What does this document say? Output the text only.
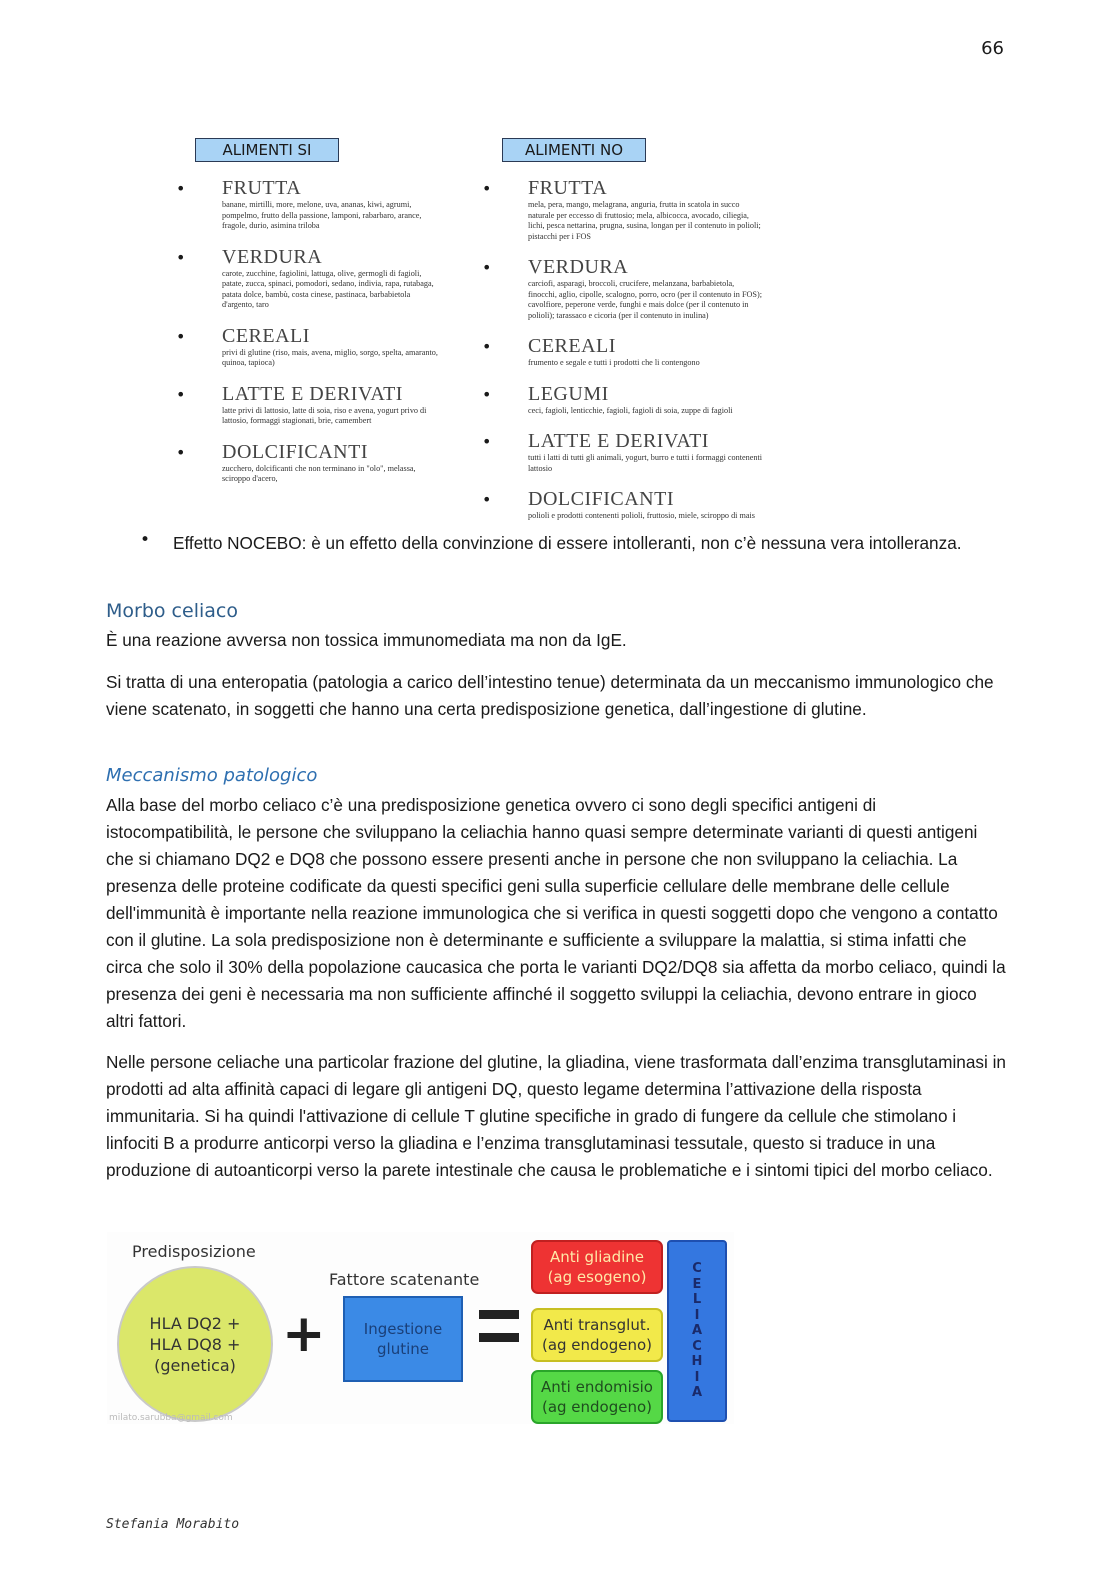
66
ALIMENTI SI	ALIMENTI NO
• FRUTTA
banane, mirtilli, more, melone, uva, ananas, kiwi, agrumi, pompelmo, frutto della passione, lamponi, rabarbaro, arance, fragole, durio, asimina triloba
• VERDURA
carote, zucchine, fagiolini, lattuga, olive, germogli di fagioli, patate, zucca, spinaci, pomodori, sedano, indivia, rapa, rutabaga, patata dolce, bambù, costa cinese, pastinaca, barbabietola d'argento, taro
• CEREALI
privi di glutine (riso, mais, avena, miglio, sorgo, spelta, amaranto, quinoa, tapioca)
• LATTE E DERIVATI
latte privi di lattosio, latte di soia, riso e avena, yogurt privo di lattosio, formaggi stagionati, brie, camembert
• DOLCIFICANTI
zucchero, dolcificanti che non terminano in "olo", melassa, sciroppo d'acero,
• FRUTTA
mela, pera, mango, melagrana, anguria, frutta in scatola in succo naturale per eccesso di fruttosio; mela, albicocca, avocado, ciliegia, lichi, pesca nettarina, prugna, susina, longan per il contenuto in polioli; pistacchi per i FOS
• VERDURA
carciofi, asparagi, broccoli, crucifere, melanzana, barbabietola, finocchi, aglio, cipolle, scalogno, porro, ocro (per il contenuto in FOS); cavolfiore, peperone verde, funghi e mais dolce (per il contenuto in polioli); tarassaco e cicoria (per il contenuto in inulina)
• CEREALI
frumento e segale e tutti i prodotti che li contengono
• LEGUMI
ceci, fagioli, lenticchie, fagioli, fagioli di soia, zuppe di fagioli
• LATTE E DERIVATI
tutti i latti di tutti gli animali, yogurt, burro e tutti i formaggi contenenti lattosio
• DOLCIFICANTI
polioli e prodotti contenenti polioli, fruttosio, miele, sciroppo di mais
• Effetto NOCEBO: è un effetto della convinzione di essere intolleranti, non c’è nessuna vera intolleranza.
Morbo celiaco
È una reazione avversa non tossica immunomediata ma non da IgE.
Si tratta di una enteropatia (patologia a carico dell’intestino tenue) determinata da un meccanismo immunologico che viene scatenato, in soggetti che hanno una certa predisposizione genetica, dall’ingestione di glutine.
Meccanismo patologico
Alla base del morbo celiaco c’è una predisposizione genetica ovvero ci sono degli specifici antigeni di istocompatibilità, le persone che sviluppano la celiachia hanno quasi sempre determinate varianti di questi antigeni che si chiamano DQ2 e DQ8 che possono essere presenti anche in persone che non sviluppano la celiachia. La presenza delle proteine codificate da questi specifici geni sulla superficie cellulare delle membrane delle cellule dell'immunità è importante nella reazione immunologica che si verifica in questi soggetti dopo che vengono a contatto con il glutine. La sola predisposizione non è determinante e sufficiente a sviluppare la malattia, si stima infatti che circa che solo il 30% della popolazione caucasica che porta le varianti DQ2/DQ8 sia affetta da morbo celiaco, quindi la presenza dei geni è necessaria ma non sufficiente affinché il soggetto sviluppi la celiachia, devono entrare in gioco altri fattori.
Nelle persone celiache una particolar frazione del glutine, la gliadina, viene trasformata dall’enzima transglutaminasi in prodotti ad alta affinità capaci di legare gli antigeni DQ, questo legame determina l’attivazione della risposta immunitaria. Si ha quindi l'attivazione di cellule T glutine specifiche in grado di fungere da cellule che stimolano i linfociti B a produrre anticorpi verso la gliadina e l’enzima transglutaminasi tessutale, questo si traduce in una produzione di autoanticorpi verso la parete intestinale che causa le problematiche e i sintomi tipici del morbo celiaco.
Predisposizione
HLA DQ2 +
HLA DQ8 +
(genetica)
+
Fattore scatenante
Ingestione
glutine
Anti gliadine
(ag esogeno)
Anti transglut.
(ag endogeno)
Anti endomisio
(ag endogeno)
C
E
L
I
A
C
H
I
A
milato.sarubba@gmail.com
Stefania Morabito
